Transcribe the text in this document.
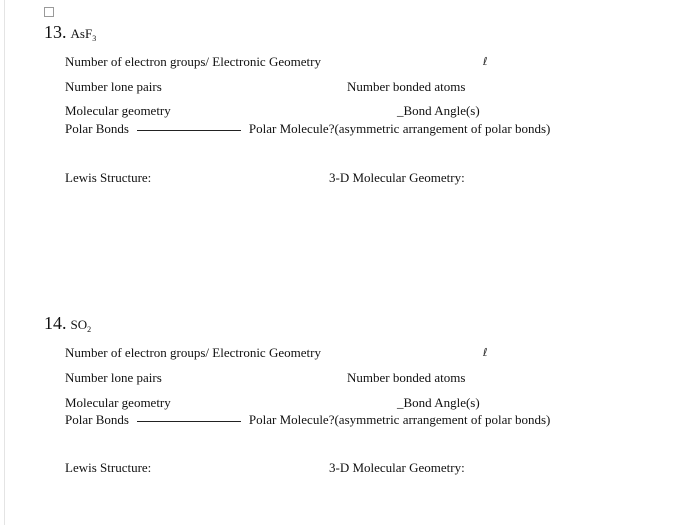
13. AsF$_3$
Number of electron groups/ Electronic Geometry	ℓ
Number lone pairs	Number bonded atoms
Molecular geometry	_Bond Angle(s)
Polar Bonds	Polar Molecule?(asymmetric arrangement of polar bonds)
Lewis Structure:	3-D Molecular Geometry:
14. $SO_2$
Number of electron groups/ Electronic Geometry	ℓ
Number lone pairs	Number bonded atoms
Molecular geometry	_Bond Angle(s)
Polar Bonds	Polar Molecule?(asymmetric arrangement of polar bonds)
Lewis Structure:	3-D Molecular Geometry:
